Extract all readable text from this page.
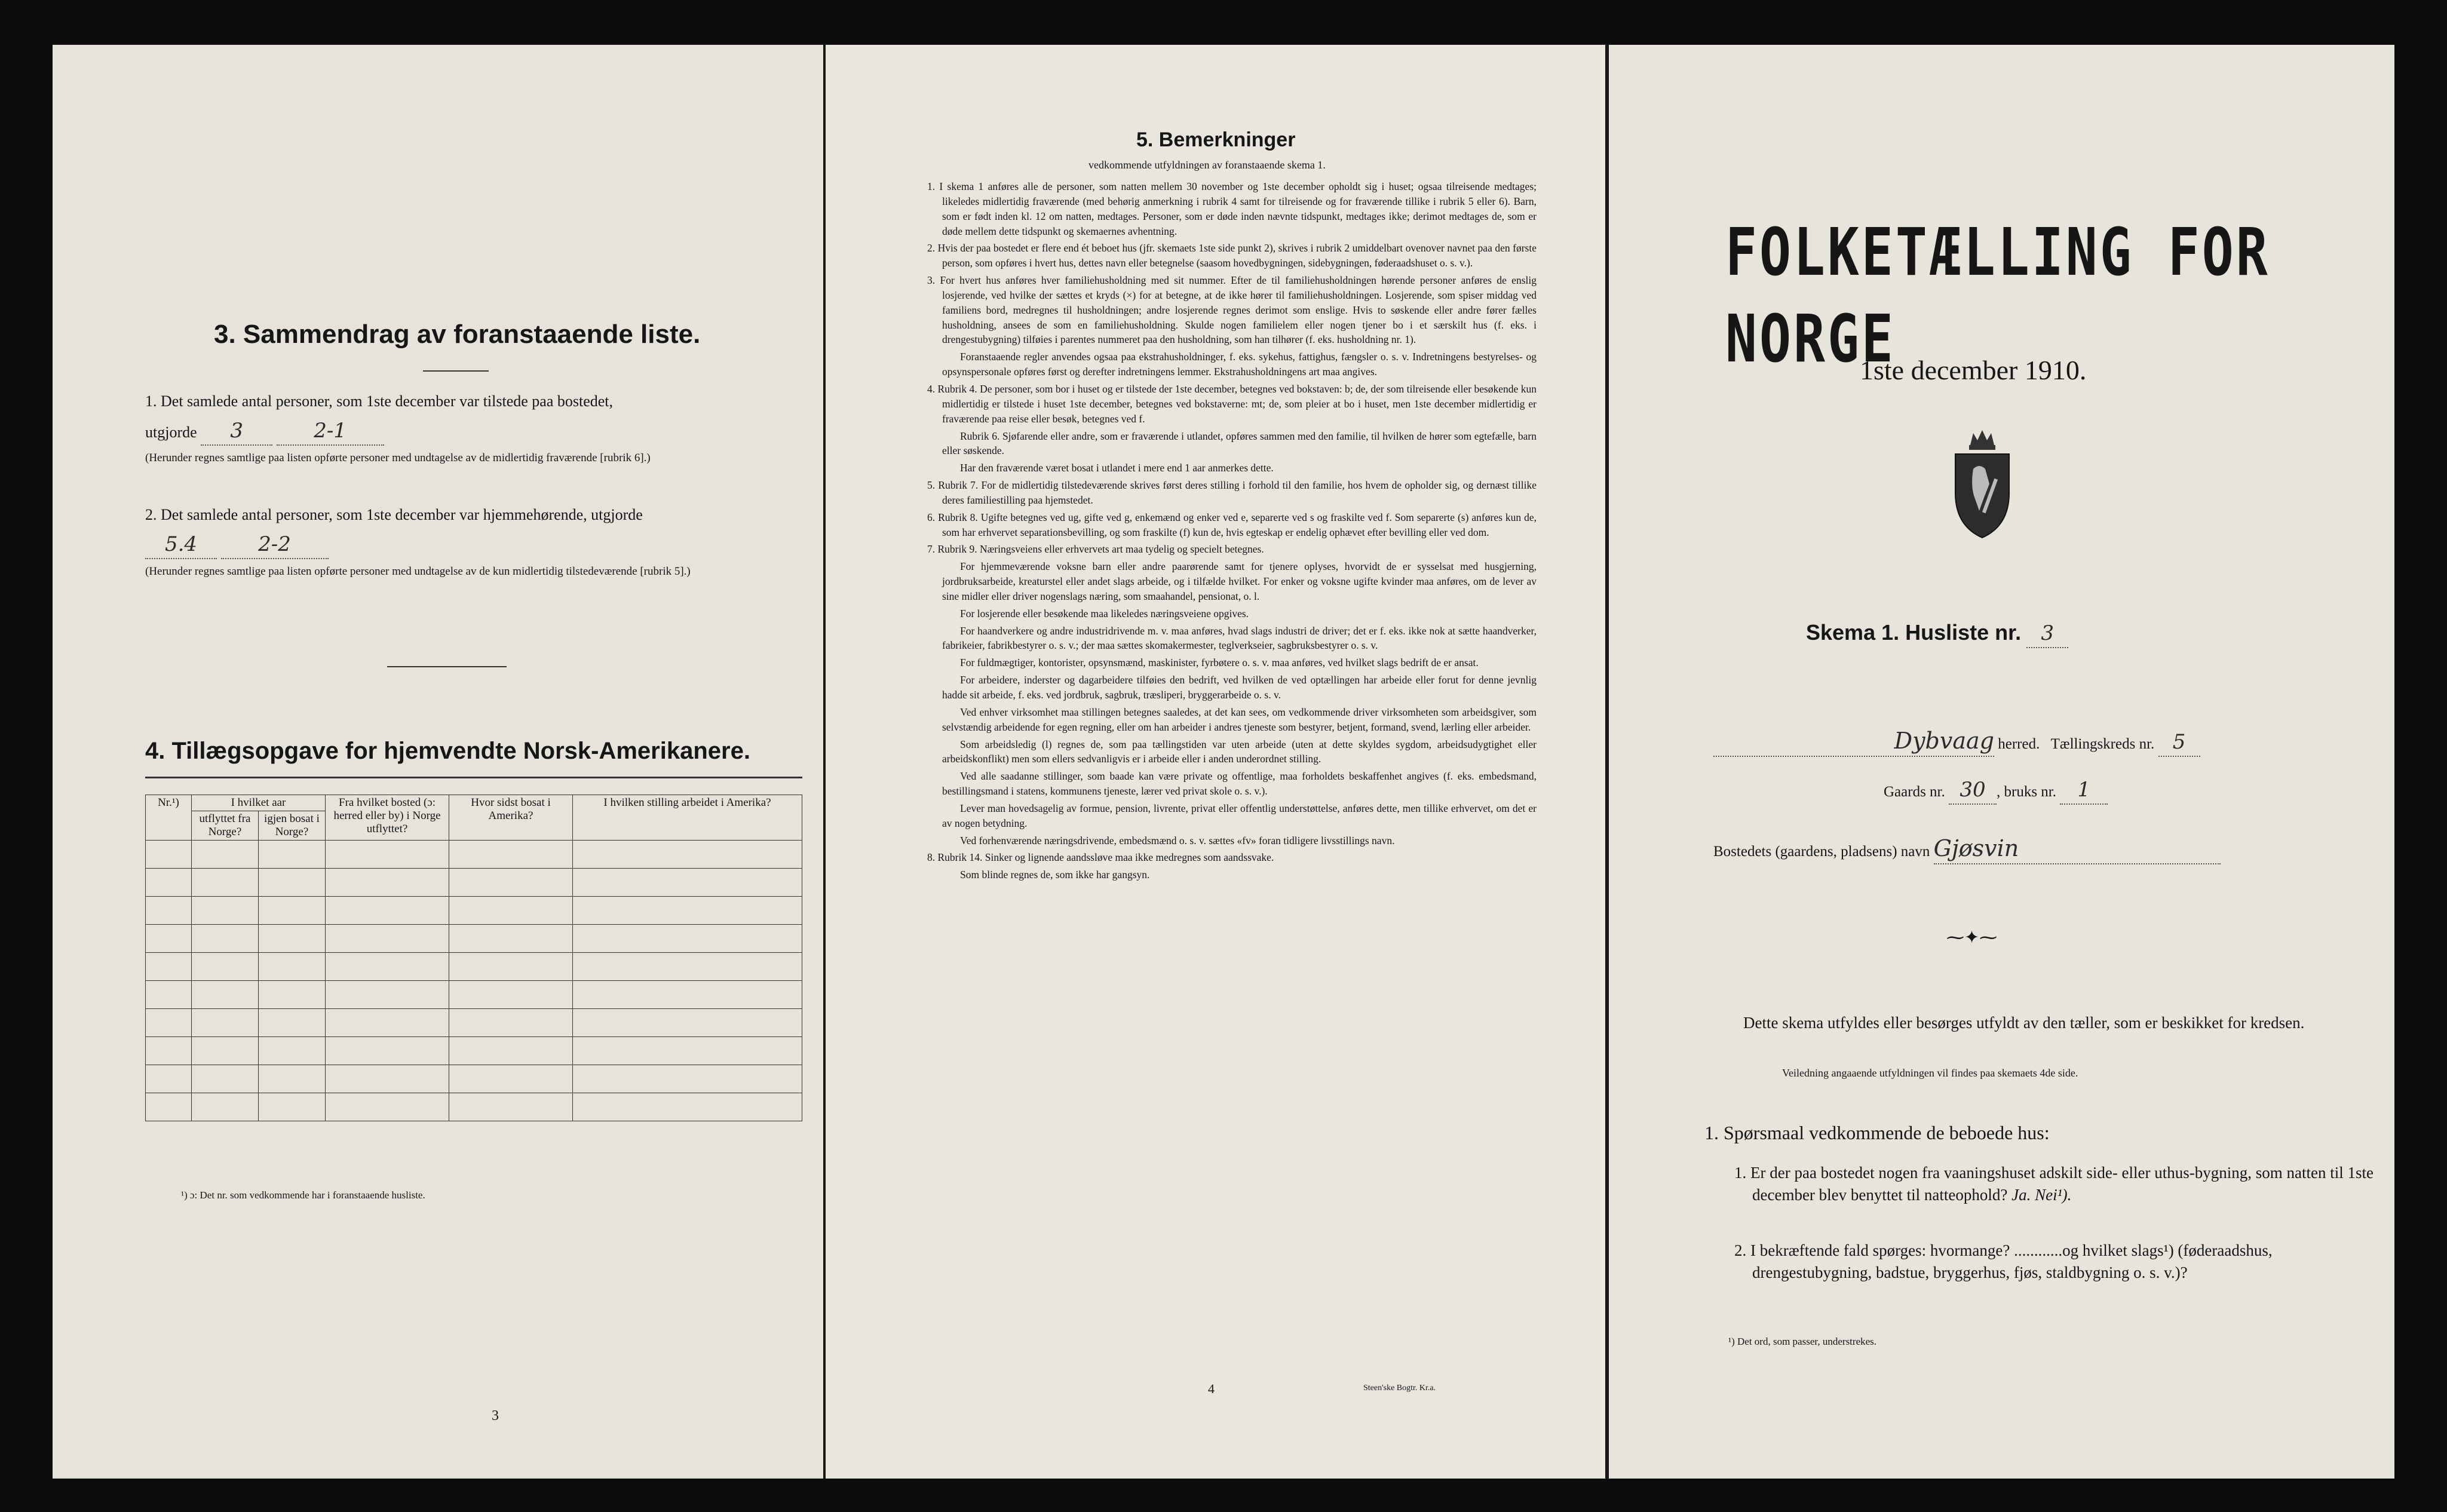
3. Sammendrag av foranstaaende liste.
1. Det samlede antal personer, som 1ste december var tilstede paa bostedet,
utgjorde 3	2-1
(Herunder regnes samtlige paa listen opførte personer med undtagelse av de midlertidig fraværende [rubrik 6].)
2. Det samlede antal personer, som 1ste december var hjemmehørende, utgjorde
5.4	2-2
(Herunder regnes samtlige paa listen opførte personer med undtagelse av de kun midlertidig tilstedeværende [rubrik 5].)
4. Tillægsopgave for hjemvendte Norsk-Amerikanere.
Nr.¹)	I hvilket aar		Fra hvilket bosted (ɔ: herred eller by) i Norge utflyttet?	Hvor sidst bosat i Amerika?	I hvilken stilling arbeidet i Amerika?
	utflyttet fra Norge?	igjen bosat i Norge?			

¹) ɔ: Det nr. som vedkommende har i foranstaaende husliste.
3
5. Bemerkninger
vedkommende utfyldningen av foranstaaende skema 1.

1. I skema 1 anføres alle de personer, som natten mellem 30 november og 1ste december opholdt sig i huset; ogsaa tilreisende medtages; likeledes midlertidig fraværende (med behørig anmerkning i rubrik 4 samt for tilreisende og for fraværende tillike i rubrik 5 eller 6). Barn, som er født inden kl. 12 om natten, medtages. Personer, som er døde inden nævnte tidspunkt, medtages ikke; derimot medtages de, som er døde mellem dette tidspunkt og skemaernes avhentning.

2. Hvis der paa bostedet er flere end ét beboet hus (jfr. skemaets 1ste side punkt 2), skrives i rubrik 2 umiddelbart ovenover navnet paa den første person, som opføres i hvert hus, dettes navn eller betegnelse (saasom hovedbygningen, sidebygningen, føderaadshuset o. s. v.).

3. For hvert hus anføres hver familiehusholdning med sit nummer. Efter de til familiehusholdningen hørende personer anføres de enslig losjerende, ved hvilke der sættes et kryds (×) for at betegne, at de ikke hører til familiehusholdningen. Losjerende, som spiser middag ved familiens bord, medregnes til husholdningen; andre losjerende regnes derimot som enslige. Hvis to søskende eller andre fører fælles husholdning, ansees de som en familiehusholdning. Skulde nogen familielem eller nogen tjener bo i et særskilt hus (f. eks. i drengestubygning) tilføies i parentes nummeret paa den husholdning, som han tilhører (f. eks. husholdning nr. 1).

Foranstaaende regler anvendes ogsaa paa ekstrahusholdninger, f. eks. sykehus, fattighus, fængsler o. s. v. Indretningens bestyrelses- og opsynspersonale opføres først og derefter indretningens lemmer. Ekstrahusholdningens art maa angives.

4. Rubrik 4. De personer, som bor i huset og er tilstede der 1ste december, betegnes ved bokstaven: b; de, der som tilreisende eller besøkende kun midlertidig er tilstede i huset 1ste december, betegnes ved bokstaverne: mt; de, som pleier at bo i huset, men 1ste december midlertidig er fraværende paa reise eller besøk, betegnes ved f.

Rubrik 6. Sjøfarende eller andre, som er fraværende i utlandet, opføres sammen med den familie, til hvilken de hører som egtefælle, barn eller søskende.

Har den fraværende været bosat i utlandet i mere end 1 aar anmerkes dette.

5. Rubrik 7. For de midlertidig tilstedeværende skrives først deres stilling i forhold til den familie, hos hvem de opholder sig, og dernæst tillike deres familiestilling paa hjemstedet.

6. Rubrik 8. Ugifte betegnes ved ug, gifte ved g, enkemænd og enker ved e, separerte ved s og fraskilte ved f. Som separerte (s) anføres kun de, som har erhvervet separationsbevilling, og som fraskilte (f) kun de, hvis egteskap er endelig ophævet efter bevilling eller ved dom.

7. Rubrik 9. Næringsveiens eller erhvervets art maa tydelig og specielt betegnes.

For hjemmeværende voksne barn eller andre paarørende samt for tjenere oplyses, hvorvidt de er sysselsat med husgjerning, jordbruksarbeide, kreaturstel eller andet slags arbeide, og i tilfælde hvilket. For enker og voksne ugifte kvinder maa anføres, om de lever av sine midler eller driver nogenslags næring, som smaahandel, pensionat, o. l.

For losjerende eller besøkende maa likeledes næringsveiene opgives.

For haandverkere og andre industridrivende m. v. maa anføres, hvad slags industri de driver; det er f. eks. ikke nok at sætte haandverker, fabrikeier, fabrikbestyrer o. s. v.; der maa sættes skomakermester, teglverkseier, sagbruksbestyrer o. s. v.

For fuldmægtiger, kontorister, opsynsmænd, maskinister, fyrbøtere o. s. v. maa anføres, ved hvilket slags bedrift de er ansat.

For arbeidere, inderster og dagarbeidere tilføies den bedrift, ved hvilken de ved optællingen har arbeide eller forut for denne jevnlig hadde sit arbeide, f. eks. ved jordbruk, sagbruk, træsliperi, bryggerarbeide o. s. v.

Ved enhver virksomhet maa stillingen betegnes saaledes, at det kan sees, om vedkommende driver virksomheten som arbeidsgiver, som selvstændig arbeidende for egen regning, eller om han arbeider i andres tjeneste som bestyrer, betjent, formand, svend, lærling eller arbeider.

Som arbeidsledig (l) regnes de, som paa tællingstiden var uten arbeide (uten at dette skyldes sygdom, arbeidsudygtighet eller arbeidskonflikt) men som ellers sedvanligvis er i arbeide eller i anden underordnet stilling.

Ved alle saadanne stillinger, som baade kan være private og offentlige, maa forholdets beskaffenhet angives (f. eks. embedsmand, bestillingsmand i statens, kommunens tjeneste, lærer ved privat skole o. s. v.).

Lever man hovedsagelig av formue, pension, livrente, privat eller offentlig understøttelse, anføres dette, men tillike erhvervet, om det er av nogen betydning.

Ved forhenværende næringsdrivende, embedsmænd o. s. v. sættes «fv» foran tidligere livsstillings navn.

8. Rubrik 14. Sinker og lignende aandssløve maa ikke medregnes som aandssvake.

Som blinde regnes de, som ikke har gangsyn.

4	Steen'ske Bogtr. Kr.a.
FOLKETÆLLING FOR NORGE
1ste december 1910.
Skema 1. Husliste nr. 3
Dybvaag herred. Tællingskreds nr. 5
Gaards nr. 30 , bruks nr. 1
Bostedets (gaardens, pladsens) navn Gjøsvin
⁓✦⁓
Dette skema utfyldes eller besørges utfyldt av den tæller, som er beskikket for kredsen.
Veiledning angaaende utfyldningen vil findes paa skemaets 4de side.
1. Spørsmaal vedkommende de beboede hus:
1. Er der paa bostedet nogen fra vaaningshuset adskilt side- eller uthus-bygning, som natten til 1ste december blev benyttet til natteophold? Ja. Nei¹).
2. I bekræftende fald spørges: hvormange? ............og hvilket slags¹) (føderaadshus, drengestubygning, badstue, bryggerhus, fjøs, staldbygning o. s. v.)?
¹) Det ord, som passer, understrekes.
